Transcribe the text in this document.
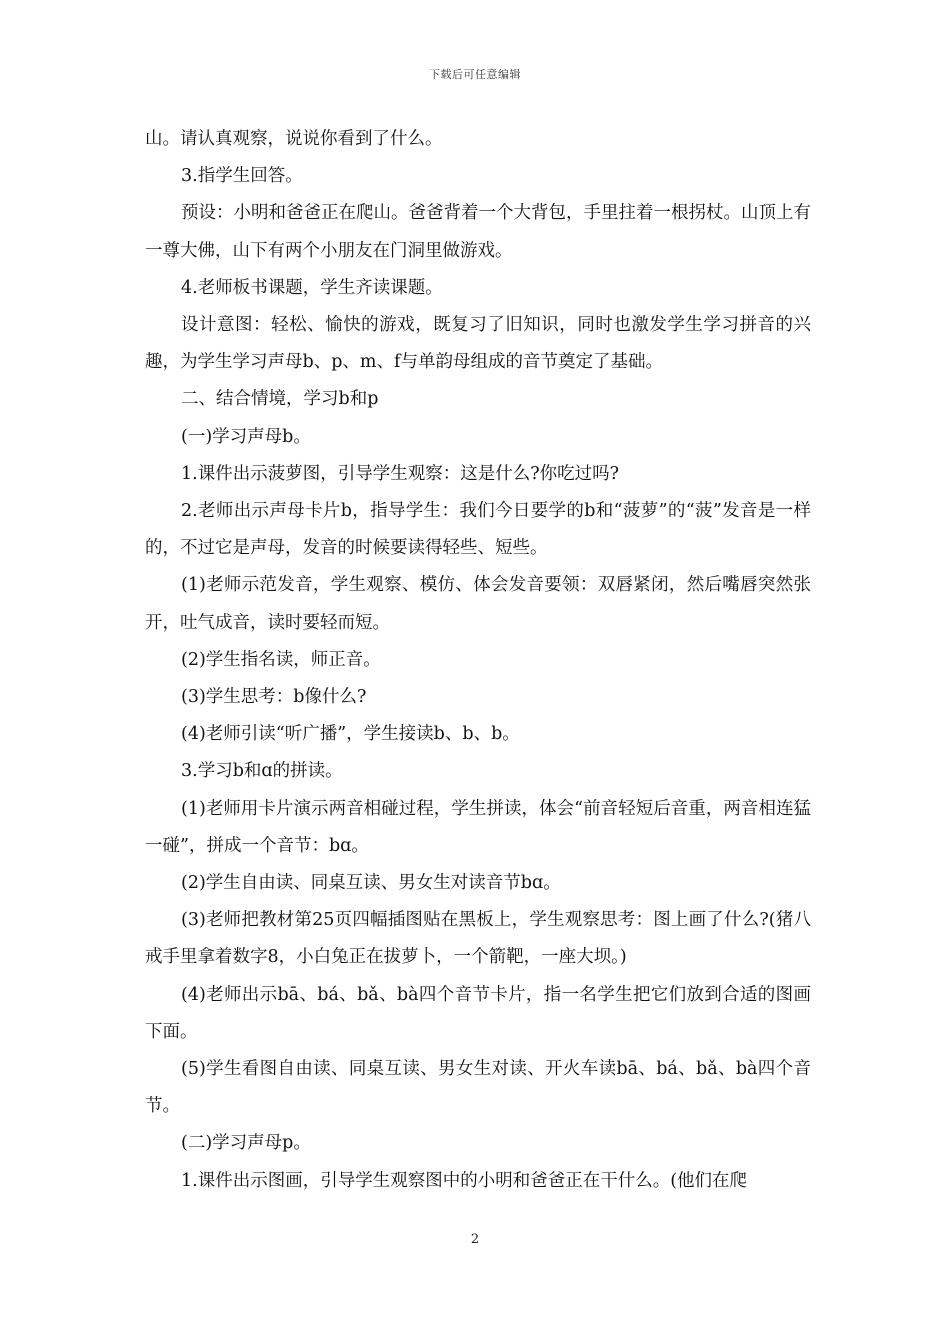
下载后可任意编辑

山。请认真观察，说说你看到了什么。

3.指学生回答。

预设：小明和爸爸正在爬山。爸爸背着一个大背包，手里拄着一根拐杖。山顶上有一尊大佛，山下有两个小朋友在门洞里做游戏。

4.老师板书课题，学生齐读课题。

设计意图：轻松、愉快的游戏，既复习了旧知识，同时也激发学生学习拼音的兴趣，为学生学习声母b、p、m、f与单韵母组成的音节奠定了基础。

二、结合情境，学习b和p

(一)学习声母b。

1.课件出示菠萝图，引导学生观察：这是什么?你吃过吗?

2.老师出示声母卡片b，指导学生：我们今日要学的b和“菠萝”的“菠”发音是一样的，不过它是声母，发音的时候要读得轻些、短些。

(1)老师示范发音，学生观察、模仿、体会发音要领：双唇紧闭，然后嘴唇突然张开，吐气成音，读时要轻而短。

(2)学生指名读，师正音。

(3)学生思考：b像什么?

(4)老师引读“听广播”，学生接读b、b、b。

3.学习b和ɑ的拼读。

(1)老师用卡片演示两音相碰过程，学生拼读，体会“前音轻短后音重，两音相连猛一碰”，拼成一个音节：bɑ。

(2)学生自由读、同桌互读、男女生对读音节bɑ。

(3)老师把教材第25页四幅插图贴在黑板上，学生观察思考：图上画了什么?(猪八戒手里拿着数字8，小白兔正在拔萝卜，一个箭靶，一座大坝。)

(4)老师出示bā、bá、bǎ、bà四个音节卡片，指一名学生把它们放到合适的图画下面。

(5)学生看图自由读、同桌互读、男女生对读、开火车读bā、bá、bǎ、bà四个音节。

(二)学习声母p。

1.课件出示图画，引导学生观察图中的小明和爸爸正在干什么。(他们在爬

2
